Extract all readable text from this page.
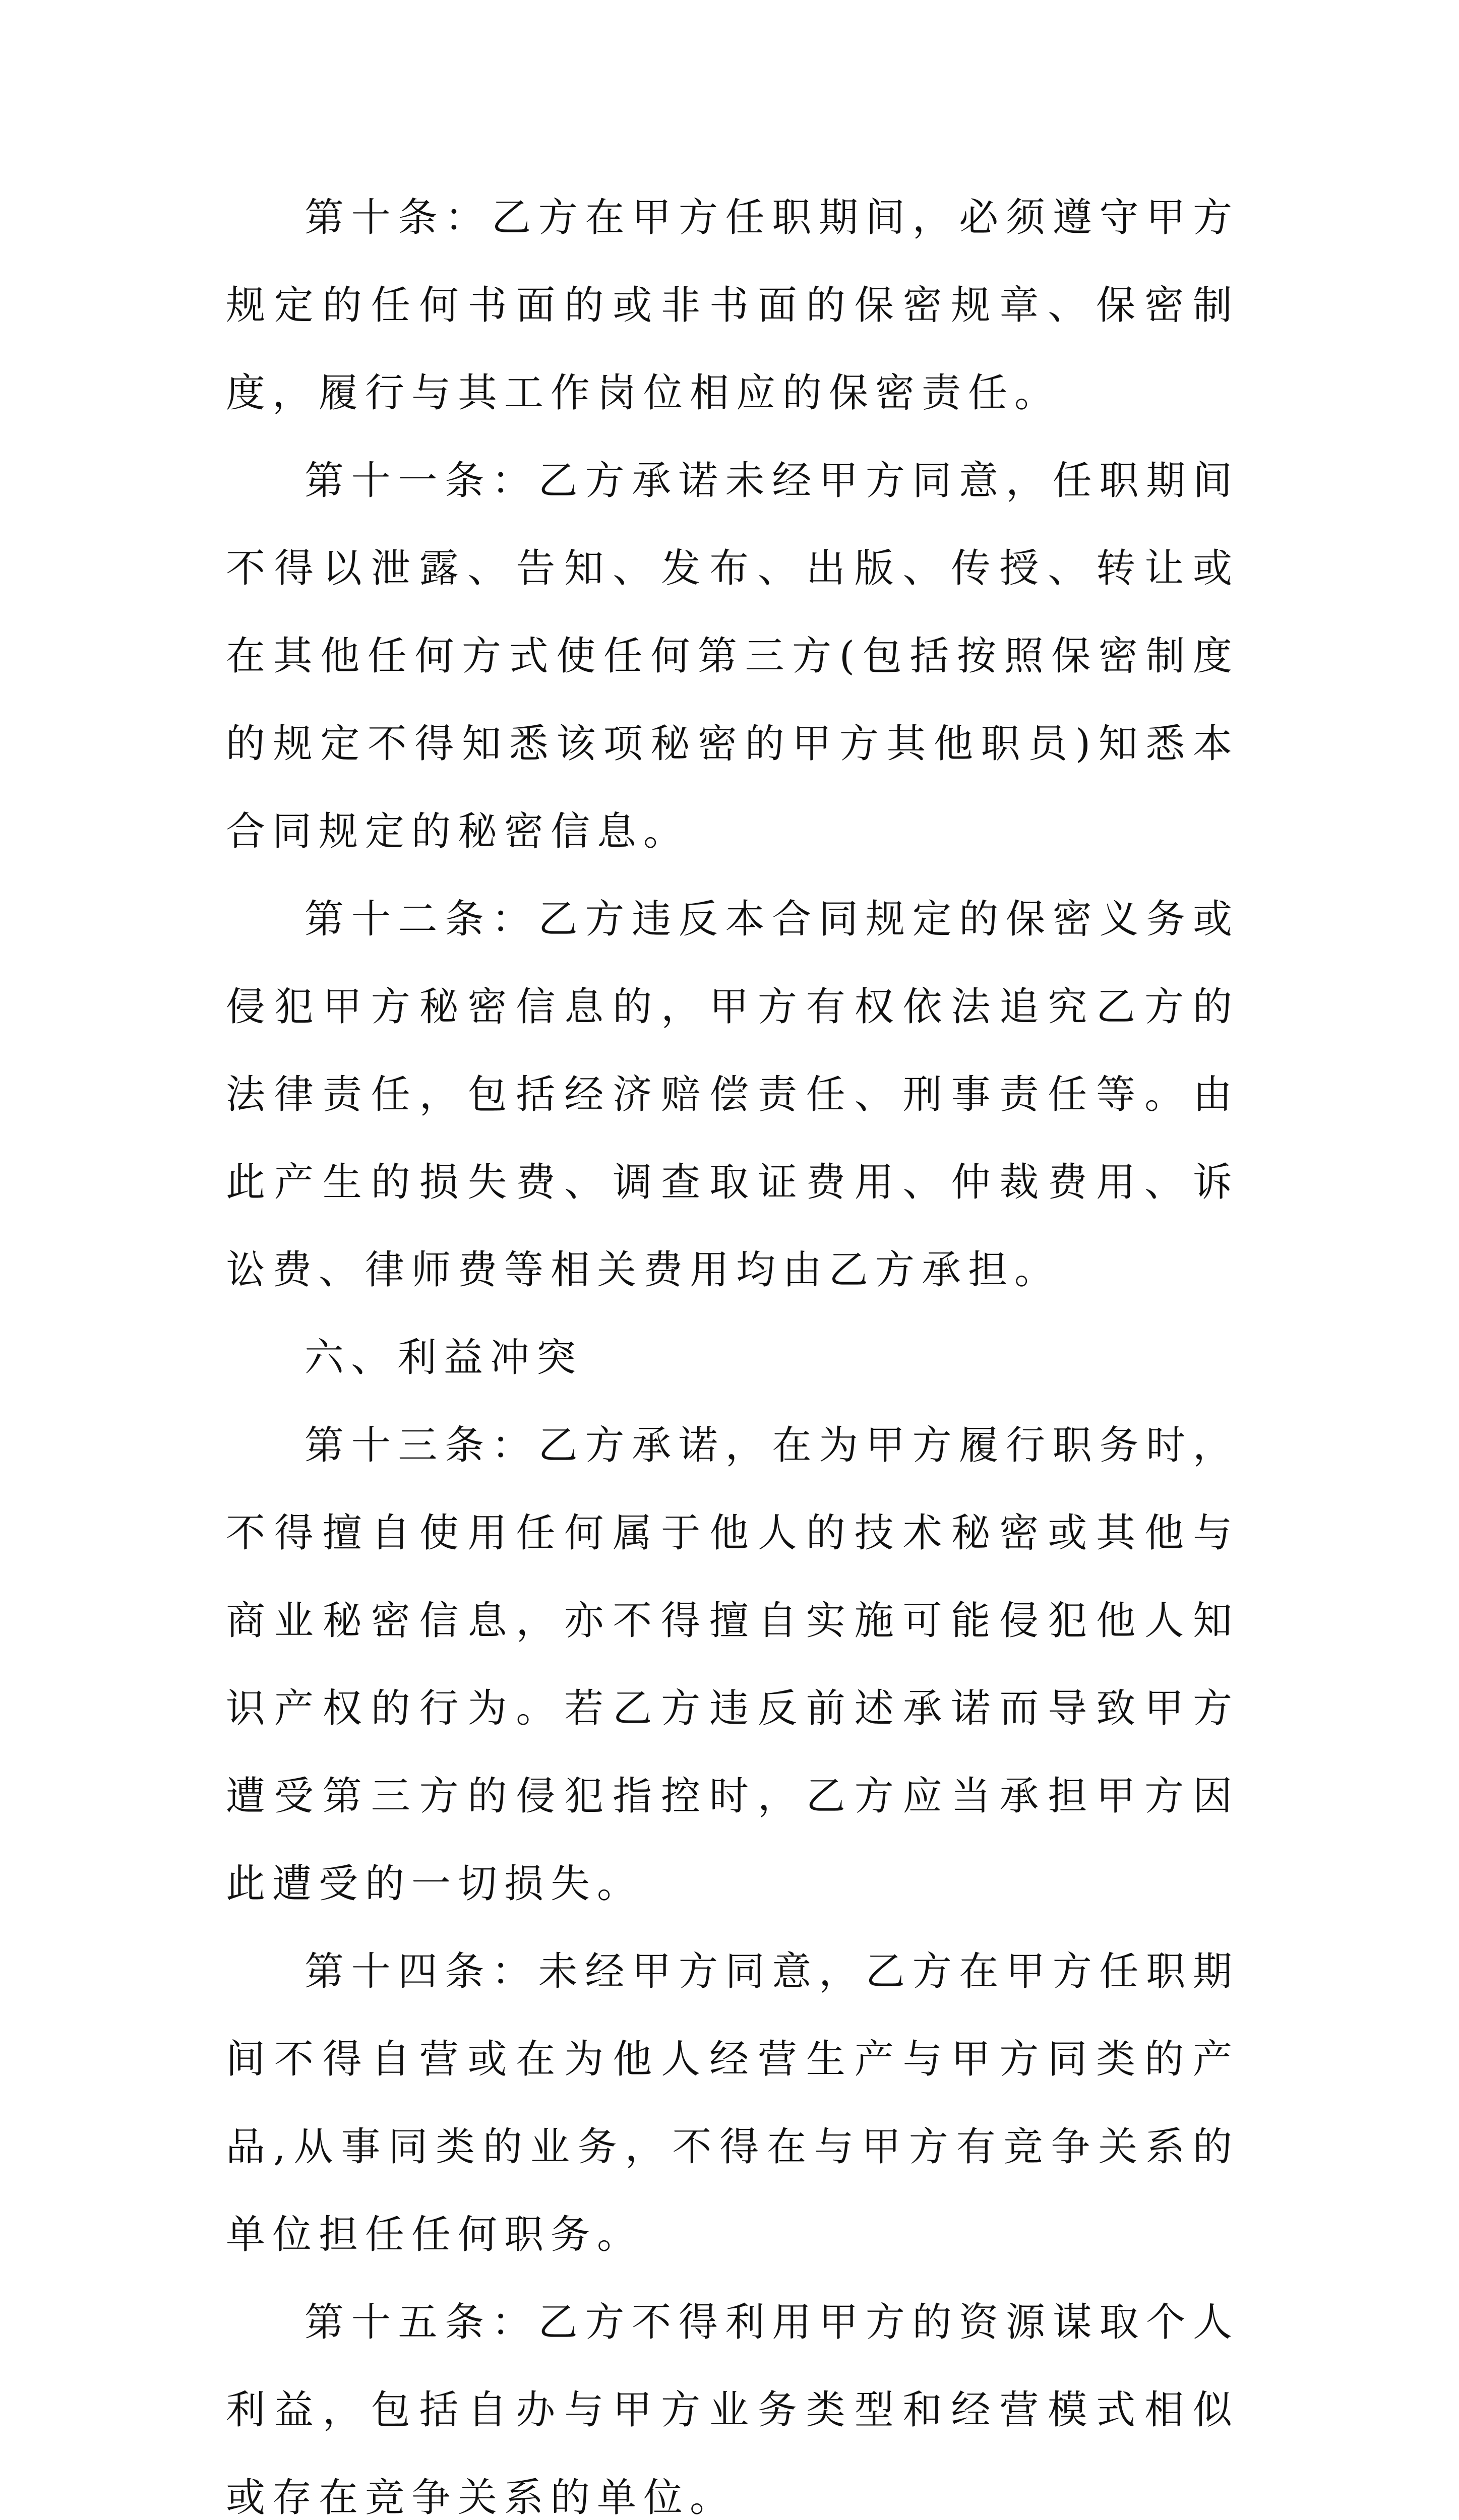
第十条：乙方在甲方任职期间，必须遵守甲方规定的任何书面的或非书面的保密规章、保密制度，履行与其工作岗位相应的保密责任。

第十一条：乙方承诺未经甲方同意，任职期间不得以泄露、告知、发布、出版、传授、转让或在其他任何方式使任何第三方(包括按照保密制度的规定不得知悉该项秘密的甲方其他职员)知悉本合同规定的秘密信息。

第十二条：乙方违反本合同规定的保密义务或侵犯甲方秘密信息的，甲方有权依法追究乙方的法律责任，包括经济赔偿责任、刑事责任等。由此产生的损失费、调查取证费用、仲裁费用、诉讼费、律师费等相关费用均由乙方承担。

六、利益冲突

第十三条：乙方承诺，在为甲方履行职务时，不得擅自使用任何属于他人的技术秘密或其他与商业秘密信息，亦不得擅自实施可能侵犯他人知识产权的行为。若乙方违反前述承诺而导致甲方遭受第三方的侵犯指控时，乙方应当承担甲方因此遭受的一切损失。

第十四条：未经甲方同意，乙方在甲方任职期间不得自营或在为他人经营生产与甲方同类的产品,从事同类的业务，不得在与甲方有竞争关系的单位担任任何职务。

第十五条：乙方不得利用甲方的资源谋取个人利益，包括自办与甲方业务类型和经营模式相似或存在竞争关系的单位。
